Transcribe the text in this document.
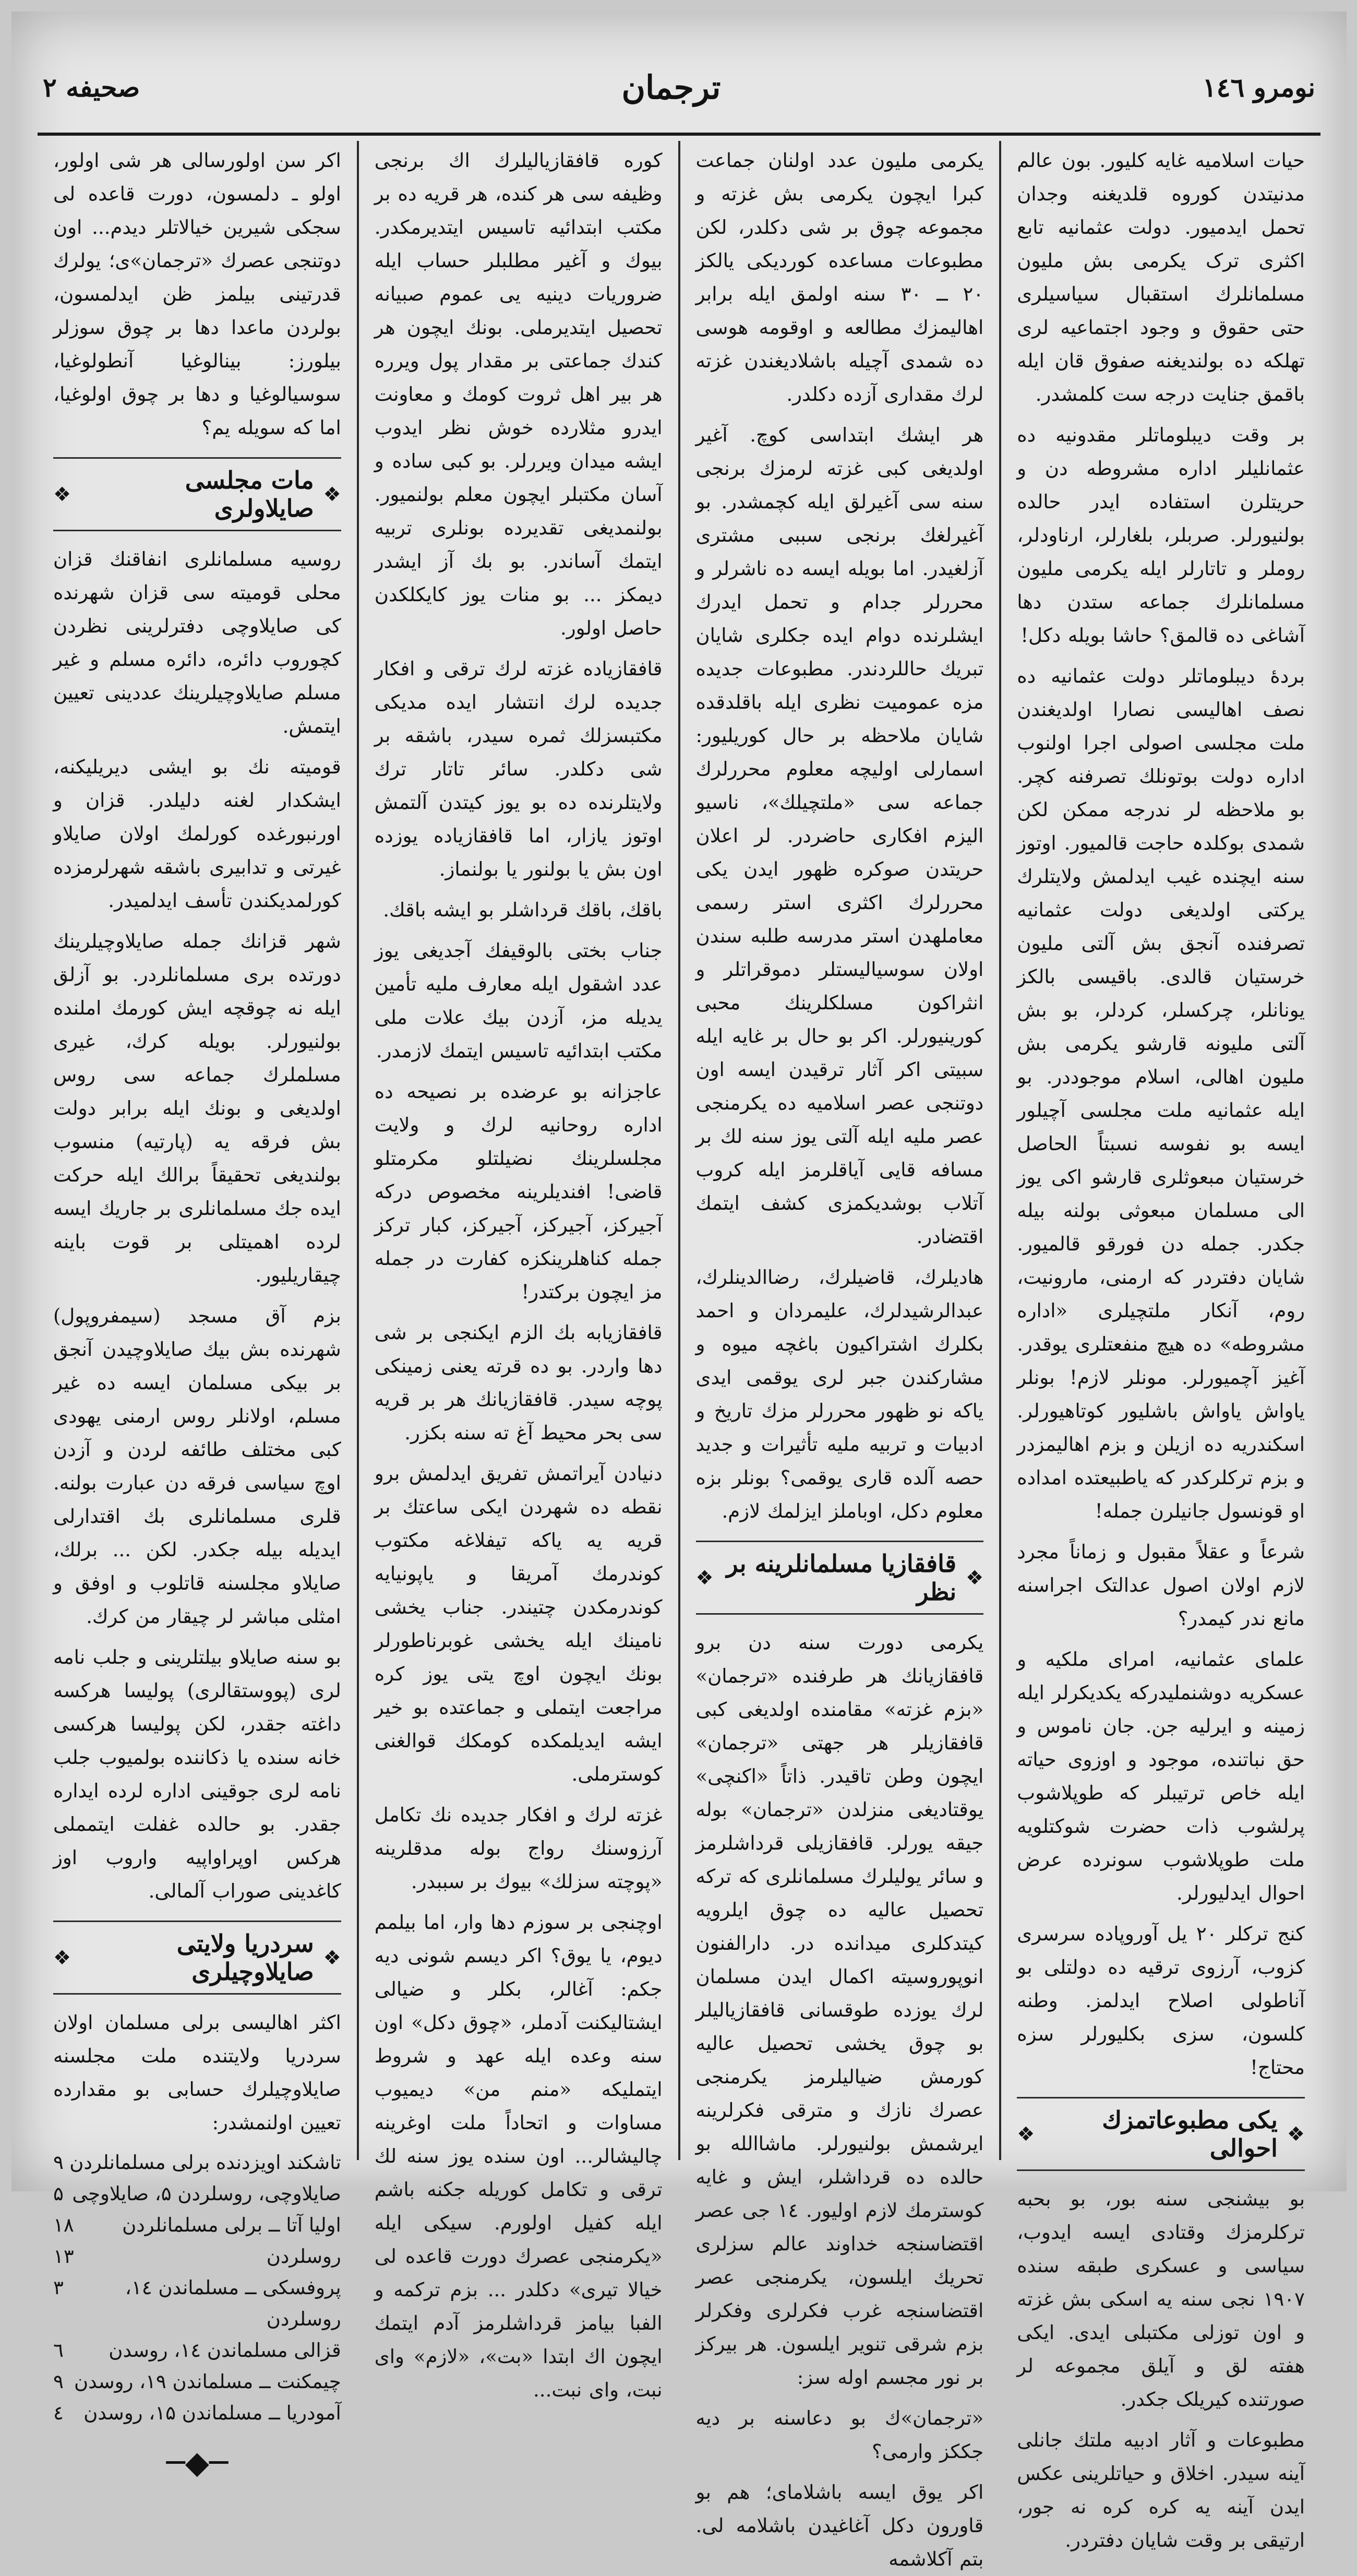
نومرو ۱٤٦
ترجمان
صحیفه ۲

حیات اسلامیه غایه کلیور. بون عالم مدنیتدن کوروه قلدیغنه وجدان تحمل ایدمیور. دولت عثمانیه تابع اکثری ترک یکرمی بش ملیون مسلمانلرك استقبال سیاسیلری حتی حقوق و وجود اجتماعیه لری تهلکه ده بولندیغنه صفوق قان ایله باقمق جنایت درجه ست کلمشدر.

بر وقت دیبلوماتلر مقدونیه ده عثمانلیلر اداره مشروطه دن و حریتلرن استفاده ایدر حالده بولنیورلر. صربلر، بلغارلر، ارناودلر، روملر و تاتارلر ایله یکرمی ملیون مسلمانلرك جماعه ستدن دها آشاغی ده قالمق؟ حاشا بویله دکل!

بردهٔ دیبلوماتلر دولت عثمانیه ده نصف اهالیسی نصارا اولدیغندن ملت مجلسی اصولی اجرا اولنوب اداره دولت بوتونلك تصرفنه کچر. بو ملاحظه لر ندرجه ممکن لکن شمدی بوکلدہ حاجت قالمیور. اوتوز سنه ایچنده غیب ایدلمش ولایتلرك یرکتی اولدیغی دولت عثمانیه تصرفنده آنجق بش آلتی ملیون خرستیان قالدی. باقیسی بالکز یونانلر، چرکسلر، کردلر، بو بش آلتی ملیونه قارشو یکرمی بش ملیون اهالی، اسلام موجوددر. بو ایله عثمانیه ملت مجلسی آچیلور ایسه بو نفوسه نسبتاً الحاصل خرستیان مبعوثلری قارشو اکی یوز الی مسلمان مبعوثی بولنه بیله جکدر. جمله دن فورقو قالمیور. شایان دفتردر که ارمنی، مارونیت، روم، آنکار ملتچیلری «اداره مشروطه» ده هیچ منفعتلری یوقدر. آغیز آچمیورلر. مونلر لازم! بونلر یاواش یاواش باشلیور کوتاهیورلر. اسکندریه ده ازیلن و بزم اهالیمزدر و بزم ترکلرکدر که یاطبیعتده امداده او قونسول جانیلرن جمله!

شرعاً و عقلاً مقبول و زماناً مجرد لازم اولان اصول عدالتک اجراسنه مانع ندر کیمدر؟

علمای عثمانیه، امرای ملکیه و عسکریه دوشنملیدرکه یکدیکرلر ایله زمینه و ایرلیه جن. جان ناموس و حق نباتنده، موجود و اوزوی حیاته ایله خاص ترتیبلر که طوپلاشوب پرلشوب ذات حضرت شوکتلویه ملت طوپلاشوب سونرده عرض احوال ایدلیورلر.

کنج ترکلر ۲۰ یل آوروپاده سرسری کزوب، آرزوی ترقیه ده دولتلی بو آناطولی اصلاح ایدلمز. وطنه کلسون، سزی بکلیورلر سزه محتاج!

❖
یکی مطبوعاتمزك احوالی
❖

بو بیشنجی سنه بور، بو بحبه ترکلرمزك وقتادی ایسه ایدوب، سیاسی و عسکری طبقه سنده ۱۹۰۷ نجی سنه یه اسکی بش غزته و اون توزلی مکتبلی ایدی. ایکی هفته لق و آیلق مجموعه لر صورتنده کیریلک جکدر.

مطبوعات و آثار ادبیه ملتك جانلی آینه سیدر. اخلاق و حیاتلرینی عکس ایدن آینه یه کره کره نه جور، ارتیقی بر وقت شایان دفتردر.

یکرمی ملیون عدد اولنان جماعت کبرا ایچون یکرمی بش غزته و مجموعه چوق بر شی دکلدر، لکن مطبوعات مساعده کوردیکی یالکز ۲۰ ــ ۳۰ سنه اولمق ایله برابر اهالیمزك مطالعه و اوقومه هوسی ده شمدی آچیله باشلادیغندن غزته لرك مقداری آزده دکلدر.

هر ایشك ابتداسی کوچ. آغیر اولدیغی کبی غزته لرمزك برنجی سنه سی آغیرلق ایله کچمشدر. بو آغیرلغك برنجی سببی مشتری آزلغیدر. اما بویله ایسه ده ناشرلر و محررلر جدام و تحمل ایدرك ایشلرنده دوام ایده جکلری شایان تبریك حاللردندر. مطبوعات جدیده مزه عمومیت نظری ایله باقلدقده شایان ملاحظه بر حال کوریلیور: اسمارلی اولیچه معلوم محررلرك جماعه سی «ملتچیلك»، ناسیو الیزم افکاری حاضردر. لر اعلان حریتدن صوکره ظهور ایدن یکی محررلرك اکثری استر رسمی معاملهدن استر مدرسه طلبه سندن اولان سوسیالیستلر دموقراتلر و انثراکون مسلکلرینك محبی کورینیورلر. اکر بو حال بر غایه ایله سبیتی اکر آثار ترقیدن ایسه اون دوتنجی عصر اسلامیه ده یکرمنجی عصر ملیه ایله آلتی یوز سنه لك بر مسافه قایی آیاقلرمز ایله کروب آتلاب بوشدیکمزی کشف ایتمك اقتضادر.

هادیلرك، قاضیلرك، رضاالدینلرك، عبدالرشیدلرك، علیمردان و احمد بكلرك اشتراکیون باغچه میوه و مشارکندن جبر لری یوقمی ایدی یاکه نو ظهور محررلر مزك تاریخ و ادبیات و تربیه ملیه تأثیرات و جدید حصه آلده قاری یوقمی؟ بونلر بزه معلوم دکل، اوباملز ایزلمك لازم.

❖
قافقازیا مسلمانلرینه بر نظر
❖

یکرمی دورت سنه دن برو قافقازیانك هر طرفنده «ترجمان» «بزم غزته» مقامنده اولدیغی کبی قافقازیلر هر جهتی «ترجمان» ایچون وطن تاقیدر. ذاتاً «اکنچی» یوقتادیغی منزلدن «ترجمان» بوله جیقه یورلر. قافقازیلی قرداشلرمز و سائر یولیلرك مسلمانلری که ترکه تحصیل عالیه ده چوق ایلرویه کیتدکلری میدانده در. دارالفنون انوپوروسیته اکمال ایدن مسلمان لرك یوزده طوقسانی قافقازیالیلر بو چوق یخشی تحصیل عالیه کورمش ضیالیلرمز یکرمنجی عصرك نازك و مترقی فکرلرینه ایرشمش بولنیورلر. ماشاالله بو حالده ده قرداشلر، ایش و غایه کوسترمك لازم اولیور. ۱٤ جی عصر اقتضاسنجه خداوند عالم سزلری تحریك ایلسون، یکرمنجی عصر اقتضاسنجه غرب فکرلری وفکرلر بزم شرقی تنویر ایلسون. هر بیرکز بر نور مجسم اوله سز:

«ترجمان»ك بو دعاسنه بر دیه جککز وارمی؟

اکر یوق ایسه باشلامای؛ هم بو قاورون دکل آغاغیدن باشلامه لی. بتم آکلاشمه

کوره قافقازیالیلرك اك برنجی وظیفه سی هر کنده، هر قریه ده بر مکتب ابتدائیه تاسیس ایتدیرمکدر. بیوك و آغیر مطلبلر حساب ایله ضروریات دینیه یی عموم صبیانه تحصیل ایتدیرملی. بونك ایچون هر کندك جماعتی بر مقدار پول ویرره هر بیر اهل ثروت کومك و معاونت ایدرو مثلارده خوش نظر ایدوب ایشه میدان ویررلر. بو کبی ساده و آسان مکتبلر ایچون معلم بولنمیور. بولنمدیغی تقدیرده بونلری تربیه ایتمك آساندر. بو بك آز ایشدر دیمکز ... بو منات یوز کایکلکدن حاصل اولور.

قافقازیاده غزته لرك ترقی و افکار جدیده لرك انتشار ایده مدیکی مکتبسزلك ثمره سیدر، باشقه بر شی دکلدر. سائر تاتار ترك ولایتلرنده ده بو یوز کیتدن آلتمش اوتوز یازار، اما قافقازیاده یوزده اون بش یا بولنور یا بولنماز.

باقك، باقك قرداشلر بو ایشه باقك.

جناب بختی بالوقیفك آجدیغی یوز عدد اشقول ایله معارف ملیه تأمین یدیله مز، آزدن بیك علات ملی مکتب ابتدائیه تاسیس ایتمك لازمدر.

عاجزانه بو عرضده بر نصیحه ده اداره روحانیه لرك و ولایت مجلسلرینك نضیلتلو مکرمتلو قاضی! افندیلرینه مخصوص درکه آجیرکز، آجیرکز، آجیرکز، کبار ترکز جمله کناهلرینکزه کفارت در جمله مز ایچون برکتدر!

قافقازیابه بك الزم ایکنجی بر شی دها واردر. بو ده قرته یعنی زمینکی پوچه سیدر. قافقازیانك هر بر قریه سی بحر محیط آغ ته سنه بکزر.

دنیادن آیراتمش تفریق ایدلمش برو نقطه ده شهردن ایکی ساعتك بر قریه یه یاکه تیفلاغه مکتوب کوندرمك آمریقا و یاپونیایه کوندرمکدن چتیندر. جناب یخشی نامینك ایله یخشی غوبرناطورلر بونك ایچون اوچ یتی یوز کره مراجعت ایتملی و جماعتده بو خیر ایشه ایدیلمکده کومکك قوالغنی کوسترملی.

غزته لرك و افکار جدیده نك تکامل آرزوسنك رواج بوله مدقلرینه «پوچته سزلك» بیوك بر سببدر.

اوچنجی بر سوزم دها وار، اما بیلمم دیوم، یا یوق؟ اکر دیسم شونی دیه جکم: آغالر، بکلر و ضیالی ایشتالیکنت آدملر، «چوق دکل» اون سنه وعده ایله عهد و شروط ایتملیکه «منم من» دیمیوب مساوات و اتحاداً ملت اوغرینه چالیشالر... اون سنده یوز سنه لك ترقی و تکامل کوریله جکنه باشم ایله کفیل اولورم. سیکی ایله «یکرمنجی عصرك دورت قاعده لی خیالا تیری» دکلدر ... بزم ترکمه و الفبا بیامز قرداشلرمز آدم ایتمك ایچون اك ابتدا «بت»، «لازم» وای نبت، وای نبت...

اکر سن اولورسالی هر شی اولور، اولو ـ دلمسون، دورت قاعده لی سجکی شیرین خیالاتلر دیدم... اون دوتنجی عصرك «ترجمان»ی؛ یولرك قدرتینی بیلمز ظن ایدلمسون، بولردن ماعدا دها بر چوق سوزلر بیلورز: بینالوغیا آنطولوغیا، سوسیالوغیا و دها بر چوق اولوغیا، اما که سویله یم؟

❖
مات مجلسی صایلاولری
❖

روسیه مسلمانلری انفاقنك قزان محلی قومیته سی قزان شهرنده کی صایلاوچی دفترلرینی نظردن کچوروب دائره، دائره مسلم و غیر مسلم صایلاوچیلرینك عددینی تعیین ایتمش.

قومیته نك بو ایشی دیریلیکنه، ایشکدار لغنه دلیلدر. قزان و اورنبورغده کورلمك اولان صایلاو غیرتی و تدابیری باشقه شهرلرمزده کورلمدیکندن تأسف ایدلمیدر.

شهر قزانك جمله صایلاوچیلرینك دورتده بری مسلمانلردر. بو آزلق ایله نه چوقچه ایش کورمك املنده بولنیورلر. بویله کرك، غیری مسلملرك جماعه سی روس اولدیغی و بونك ایله برابر دولت بش فرقه یه (پارتیه) منسوب بولندیغی تحقیقاً برالك ایله حرکت ایده جك مسلمانلری بر جاریك ایسه لرده اهمیتلی بر قوت باینه چیقاریلیور.

بزم آق مسجد (سیمفروپول) شهرنده بش بیك صایلاوچیدن آنجق بر بیکی مسلمان ایسه ده غیر مسلم، اولانلر روس ارمنی یهودی کبی مختلف طائفه لردن و آزدن اوچ سیاسی فرقه دن عبارت بولنه. قلری مسلمانلری بك اقتدارلی ایدیله بیله جکدر. لکن ... برلك، صایلاو مجلسنه قاتلوب و اوفق و امثلی مباشر لر چیقار من کرك.

بو سنه صایلاو بیلتلرینی و جلب نامه لری (پووستقالری) پولیسا هرکسه داغته جقدر، لکن پولیسا هرکسی خانه سنده یا ذکاننده بولمیوب جلب نامه لری جوقینی اداره لرده ایداره جقدر. بو حالده غفلت ایتمملی هرکس اوپراواپیه واروب اوز کاغدینی صوراب آلمالی.

❖
سردریا ولایتی صایلاوچیلری
❖

اکثر اهالیسی برلی مسلمان اولان سردریا ولایتنده ملت مجلسنه صایلاوچیلرك حسابی بو مقدارده تعیین اولنمشدر:

تاشکند اویزدنده برلی مسلمانلردن
۹

صایلاوچی، روسلردن ۵، صایلاوچی
۵

اولیا آتا ــ برلی مسلمانلردن
۱۸

روسلردن
۱۳

پروفسکی ــ مسلماندن ۱٤، روسلردن
۳

قزالی مسلماندن ۱٤، روسدن
٦

چیمکنت ــ مسلماندن ۱۹، روسدن
۹

آمودریا ــ مسلماندن ۱۵، روسدن
٤

─◆─
